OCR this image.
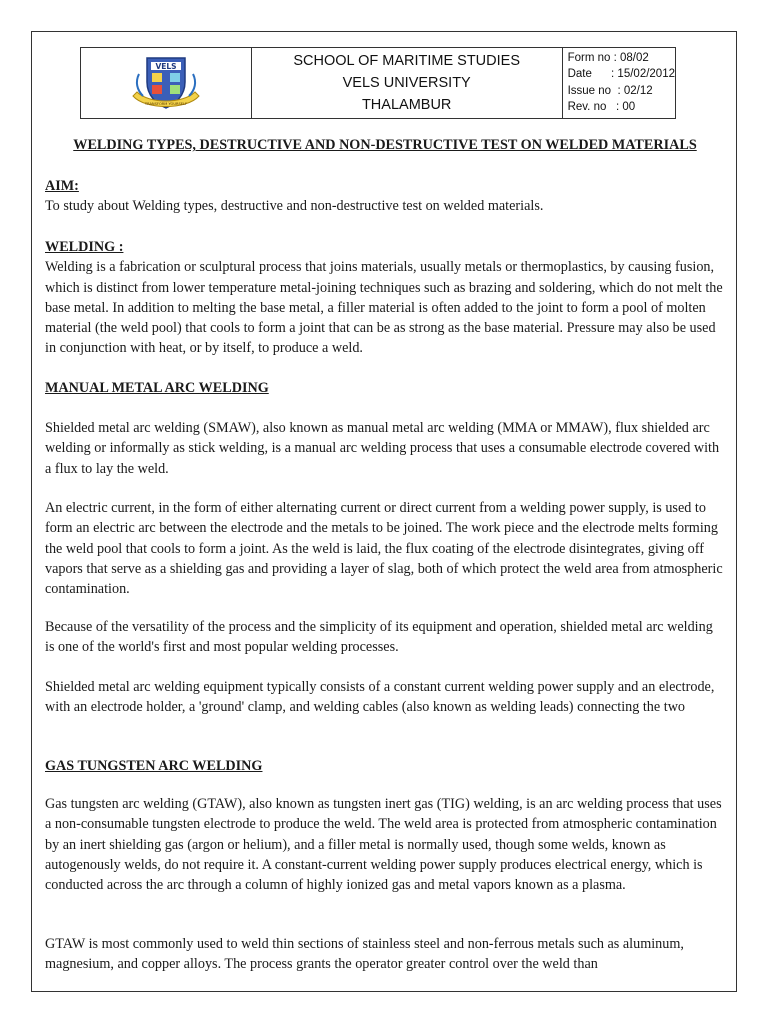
VELS
TRANSFORM YOURSELF
SCHOOL OF MARITIME STUDIES
VELS UNIVERSITY
THALAMBUR
Form no : 08/02
Date      : 15/02/2012
Issue no  : 02/12
Rev. no   : 00
WELDING TYPES, DESTRUCTIVE AND NON-DESTRUCTIVE TEST ON WELDED MATERIALS
AIM:

To study about Welding types, destructive and non-destructive test on welded materials.

WELDING :

Welding is a fabrication or sculptural process that joins materials, usually metals or thermoplastics, by causing fusion, which is distinct from lower temperature metal-joining techniques such as brazing and soldering, which do not melt the base metal. In addition to melting the base metal, a filler material is often added to the joint to form a pool of molten material (the weld pool) that cools to form a joint that can be as strong as the base material. Pressure may also be used in conjunction with heat, or by itself, to produce a weld.

MANUAL METAL ARC WELDING

Shielded metal arc welding (SMAW), also known as manual metal arc welding (MMA or MMAW), flux shielded arc welding or informally as stick welding, is a manual arc welding process that uses a consumable electrode covered with a flux to lay the weld.

An electric current, in the form of either alternating current or direct current from a welding power supply, is used to form an electric arc between the electrode and the metals to be joined. The work piece and the electrode melts forming the weld pool that cools to form a joint. As the weld is laid, the flux coating of the electrode disintegrates, giving off vapors that serve as a shielding gas and providing a layer of slag, both of which protect the weld area from atmospheric contamination.

Because of the versatility of the process and the simplicity of its equipment and operation, shielded metal arc welding is one of the world's first and most popular welding processes.

Shielded metal arc welding equipment typically consists of a constant current welding power supply and an electrode, with an electrode holder, a 'ground' clamp, and welding cables (also known as welding leads) connecting the two

GAS TUNGSTEN ARC WELDING

Gas tungsten arc welding (GTAW), also known as tungsten inert gas (TIG) welding, is an arc welding process that uses a non-consumable tungsten electrode to produce the weld. The weld area is protected from atmospheric contamination by an inert shielding gas (argon or helium), and a filler metal is normally used, though some welds, known as autogenously welds, do not require it. A constant-current welding power supply produces electrical energy, which is conducted across the arc through a column of highly ionized gas and metal vapors known as a plasma.

GTAW is most commonly used to weld thin sections of stainless steel and non-ferrous metals such as aluminum, magnesium, and copper alloys. The process grants the operator greater control over the weld than
